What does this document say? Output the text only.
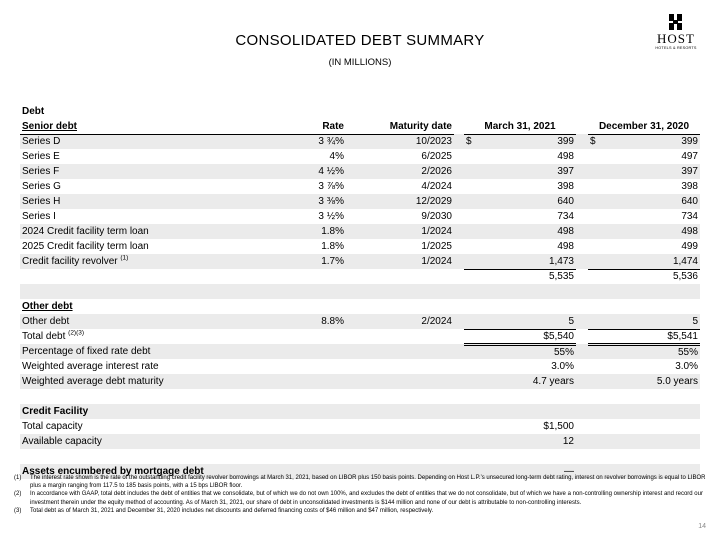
CONSOLIDATED DEBT SUMMARY
(IN MILLIONS)
HOST
HOTELS & RESORTS
Debt						
Senior debt	Rate	Maturity date		March 31, 2021		December 31, 2020
Series D	3 ¾%	10/2023		$ 399		$ 399
Series E	4%	6/2025		498		497
Series F	4 ½%	2/2026		397		397
Series G	3 ⅞%	4/2024		398		398
Series H	3 ⅜%	12/2029		640		640
Series I	3 ½%	9/2030		734		734
2024 Credit facility term loan	1.8%	1/2024		498		498
2025 Credit facility term loan	1.8%	1/2025		498		499
Credit facility revolver $^{(1)}$	1.7%	1/2024		1,473		1,474
				5,535		5,536

Other debt						
Other debt	8.8%	2/2024		5		5
Total debt $^{(2)(3)}$				$5,540		$5,541
Percentage of fixed rate debt				55%		55%
Weighted average interest rate				3.0%		3.0%
Weighted average debt maturity				4.7 years		5.0 years

Credit Facility						
Total capacity				$1,500		
Available capacity				12		

Assets encumbered by mortgage debt				—		

(1)	The interest rate shown is the rate of the outstanding credit facility revolver borrowings at March 31, 2021, based on LIBOR plus 150 basis points. Depending on Host L.P.’s unsecured long-term debt rating, interest on revolver borrowings is equal to LIBOR plus a margin ranging from 117.5 to 185 basis points, with a 15 bps LIBOR floor.
(2)	In accordance with GAAP, total debt includes the debt of entities that we consolidate, but of which we do not own 100%, and excludes the debt of entities that we do not consolidate, but of which we have a non-controlling ownership interest and record our investment therein under the equity method of accounting. As of March 31, 2021, our share of debt in unconsolidated investments is $144 million and none of our debt is attributable to non-controlling interests.
(3)	Total debt as of March 31, 2021 and December 31, 2020 includes net discounts and deferred financing costs of $46 million and $47 million, respectively.
14
